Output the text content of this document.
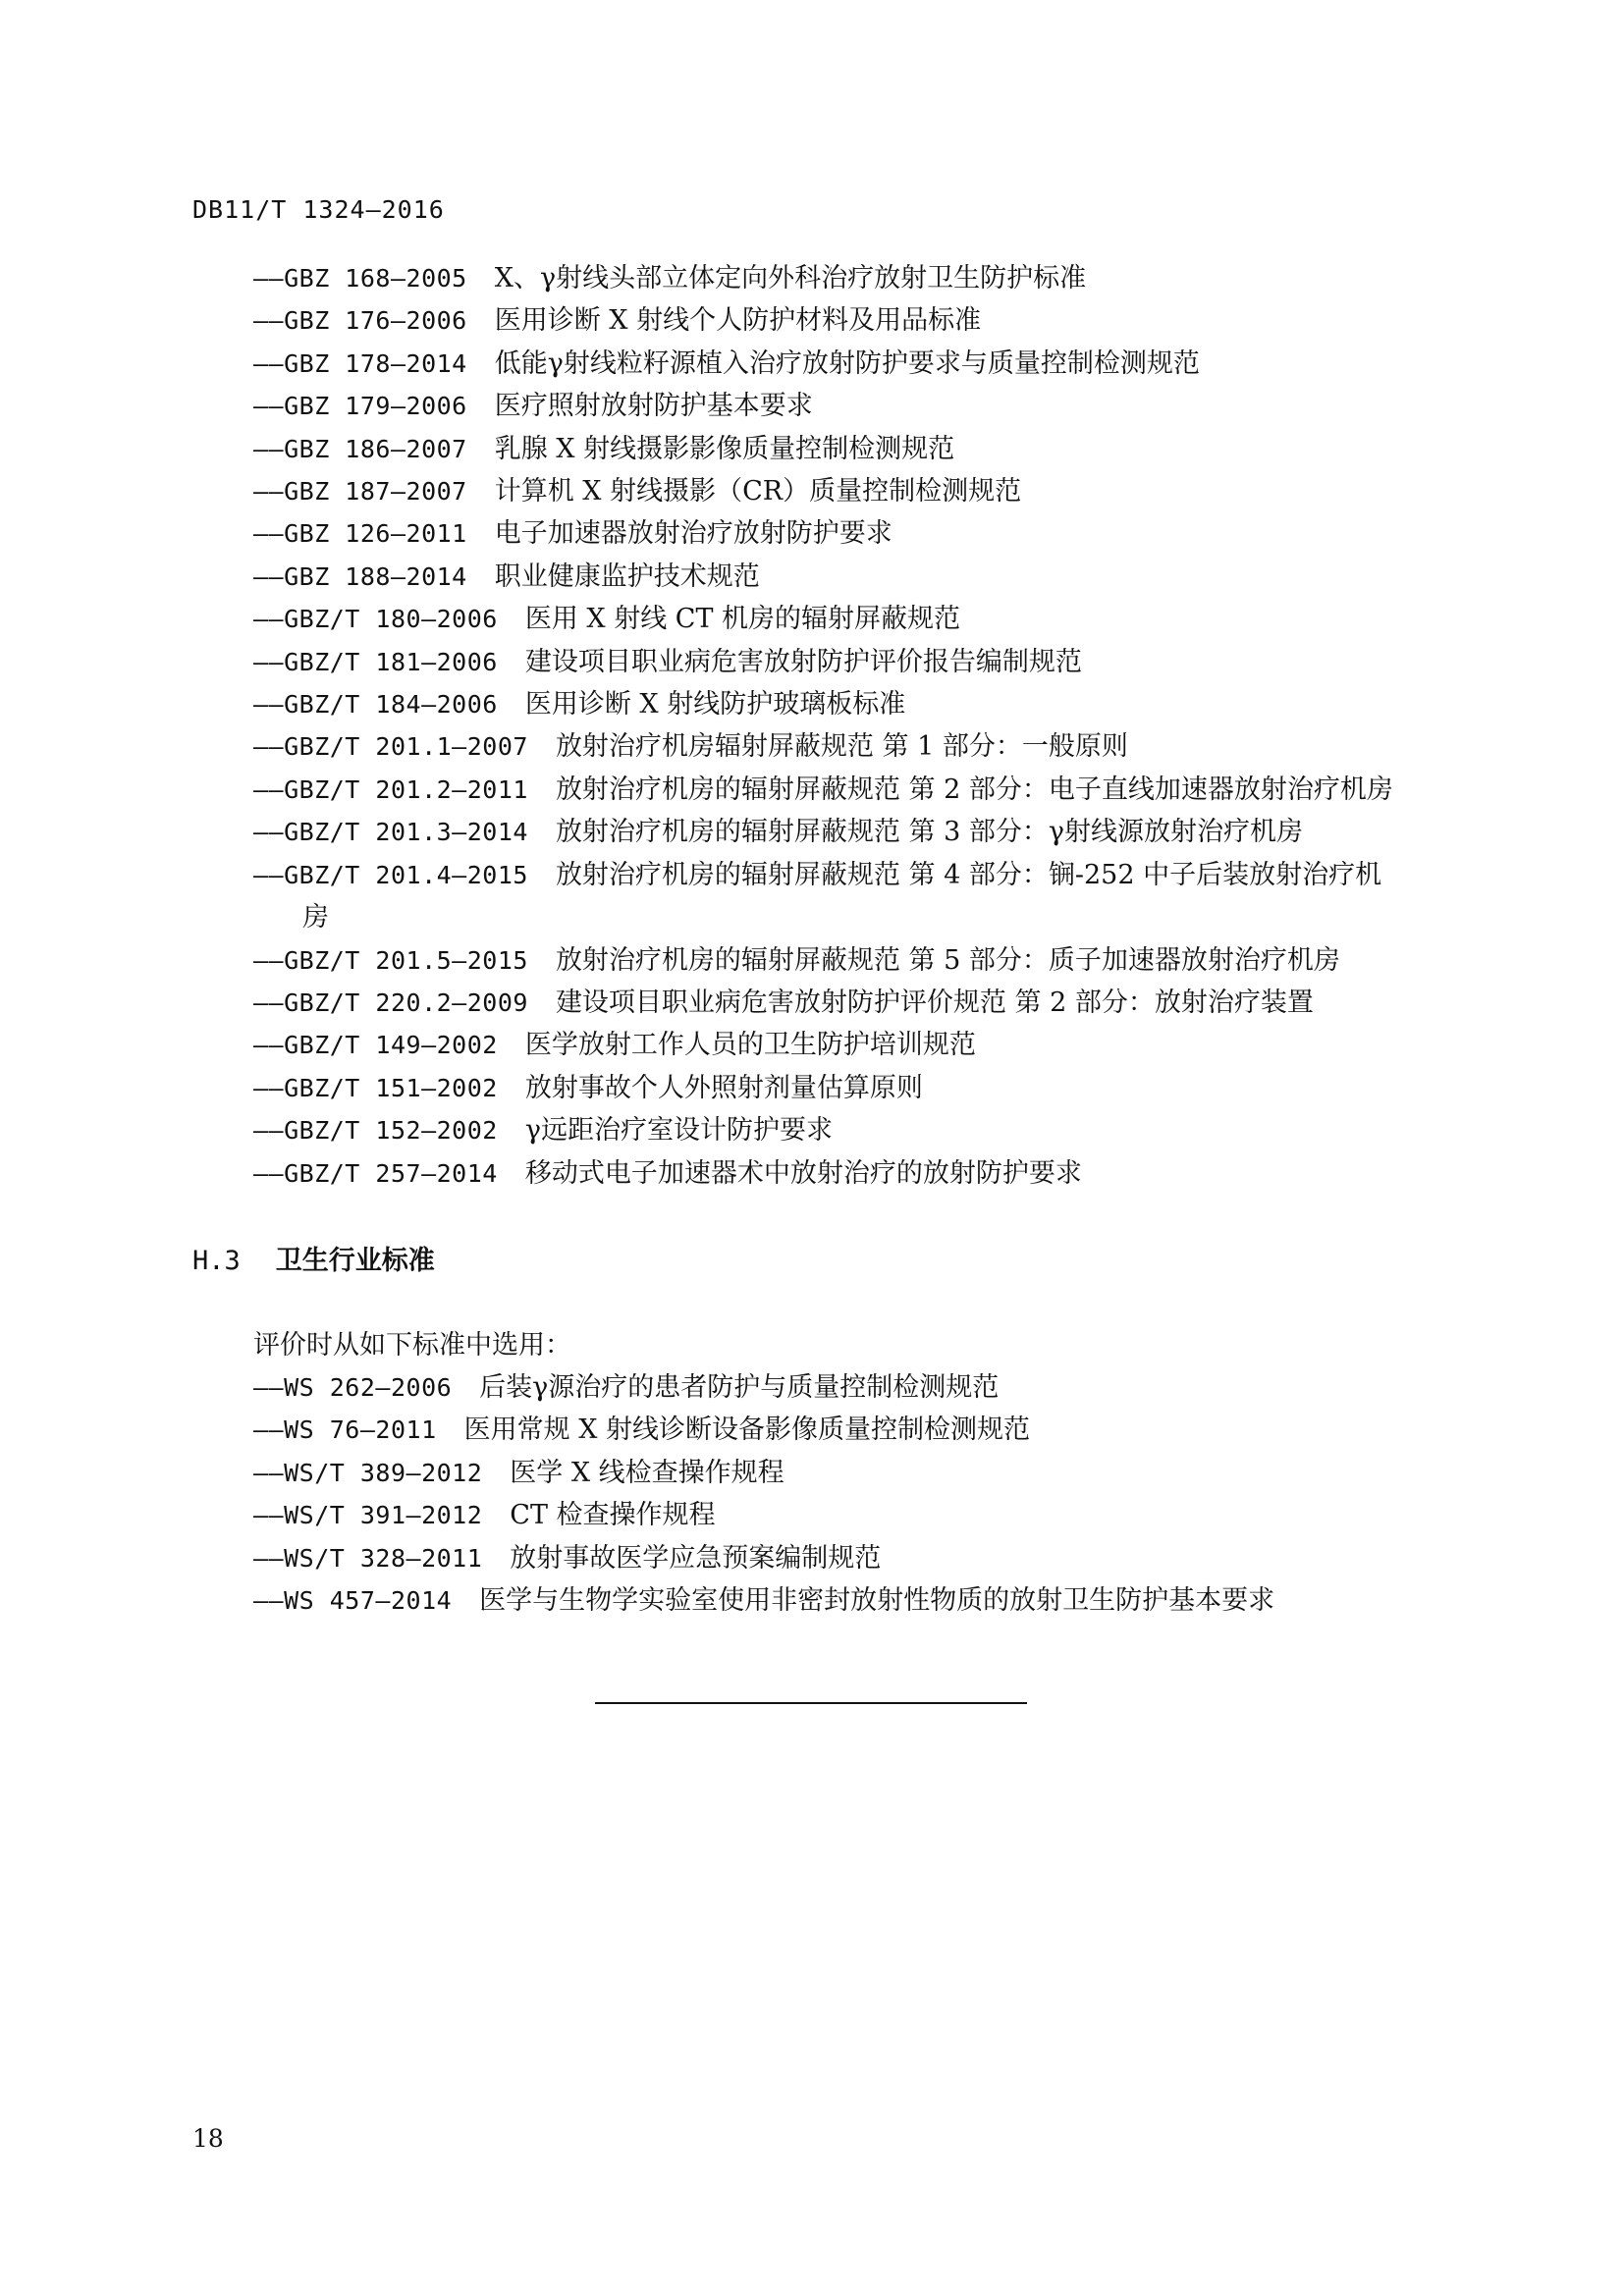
DB11/T 1324—2016
——GBZ 168—2005 X、γ射线头部立体定向外科治疗放射卫生防护标准
——GBZ 176—2006 医用诊断 X 射线个人防护材料及用品标准
——GBZ 178—2014 低能γ射线粒籽源植入治疗放射防护要求与质量控制检测规范
——GBZ 179—2006 医疗照射放射防护基本要求
——GBZ 186—2007 乳腺 X 射线摄影影像质量控制检测规范
——GBZ 187—2007 计算机 X 射线摄影（CR）质量控制检测规范
——GBZ 126—2011 电子加速器放射治疗放射防护要求
——GBZ 188—2014 职业健康监护技术规范
——GBZ/T 180—2006 医用 X 射线 CT 机房的辐射屏蔽规范
——GBZ/T 181—2006 建设项目职业病危害放射防护评价报告编制规范
——GBZ/T 184—2006 医用诊断 X 射线防护玻璃板标准
——GBZ/T 201.1—2007 放射治疗机房辐射屏蔽规范 第 1 部分：一般原则
——GBZ/T 201.2—2011 放射治疗机房的辐射屏蔽规范 第 2 部分：电子直线加速器放射治疗机房
——GBZ/T 201.3—2014 放射治疗机房的辐射屏蔽规范 第 3 部分：γ射线源放射治疗机房
——GBZ/T 201.4—2015 放射治疗机房的辐射屏蔽规范 第 4 部分：锎-252 中子后装放射治疗机
房
——GBZ/T 201.5—2015 放射治疗机房的辐射屏蔽规范 第 5 部分：质子加速器放射治疗机房
——GBZ/T 220.2—2009 建设项目职业病危害放射防护评价规范 第 2 部分：放射治疗装置
——GBZ/T 149—2002 医学放射工作人员的卫生防护培训规范
——GBZ/T 151—2002 放射事故个人外照射剂量估算原则
——GBZ/T 152—2002 γ远距治疗室设计防护要求
——GBZ/T 257—2014 移动式电子加速器术中放射治疗的放射防护要求
H.3 卫生行业标准
评价时从如下标准中选用：
——WS 262—2006 后装γ源治疗的患者防护与质量控制检测规范
——WS 76—2011 医用常规 X 射线诊断设备影像质量控制检测规范
——WS/T 389—2012 医学 X 线检查操作规程
——WS/T 391—2012 CT 检查操作规程
——WS/T 328—2011 放射事故医学应急预案编制规范
——WS 457—2014 医学与生物学实验室使用非密封放射性物质的放射卫生防护基本要求
18
